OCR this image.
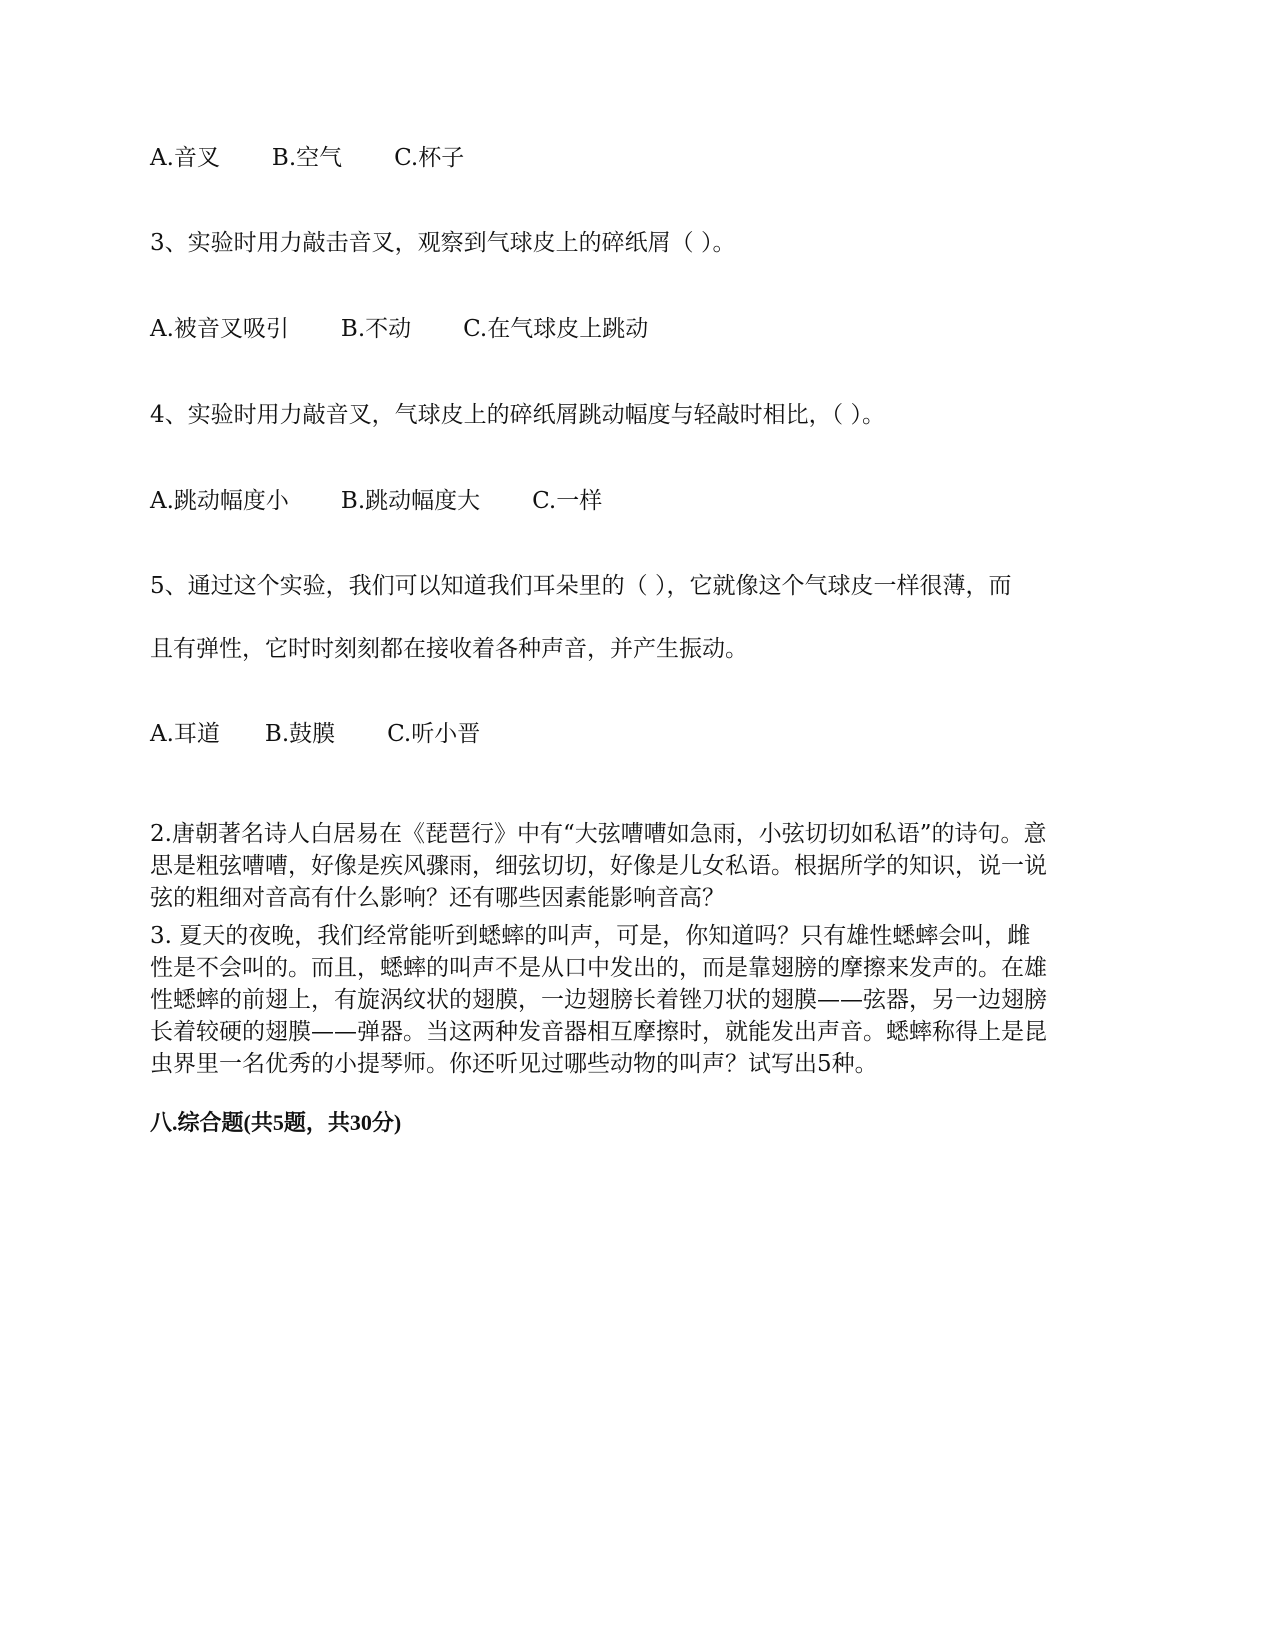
A.音叉 B.空气 C.杯子
3、实验时用力敲击音叉，观察到气球皮上的碎纸屑（ ）。
A.被音叉吸引 B.不动 C.在气球皮上跳动
4、实验时用力敲音叉，气球皮上的碎纸屑跳动幅度与轻敲时相比，（ ）。
A.跳动幅度小 B.跳动幅度大 C.一样
5、通过这个实验，我们可以知道我们耳朵里的（ ），它就像这个气球皮一样很薄，而
且有弹性，它时时刻刻都在接收着各种声音，并产生振动。
A.耳道 B.鼓膜 C.听小晋

2.唐朝著名诗人白居易在《琵琶行》中有“大弦嘈嘈如急雨，小弦切切如私语”的诗句。意

思是粗弦嘈嘈，好像是疾风骤雨，细弦切切，好像是儿女私语。根据所学的知识，说一说

弦的粗细对音高有什么影响？还有哪些因素能影响音高？

3. 夏天的夜晚，我们经常能听到蟋蟀的叫声，可是，你知道吗？只有雄性蟋蟀会叫，雌

性是不会叫的。而且，蟋蟀的叫声不是从口中发出的，而是靠翅膀的摩擦来发声的。在雄

性蟋蟀的前翅上，有旋涡纹状的翅膜，一边翅膀长着锉刀状的翅膜——弦器，另一边翅膀

长着较硬的翅膜——弹器。当这两种发音器相互摩擦时，就能发出声音。蟋蟀称得上是昆

虫界里一名优秀的小提琴师。你还听见过哪些动物的叫声？试写出5种。

八.综合题(共5题，共30分)
